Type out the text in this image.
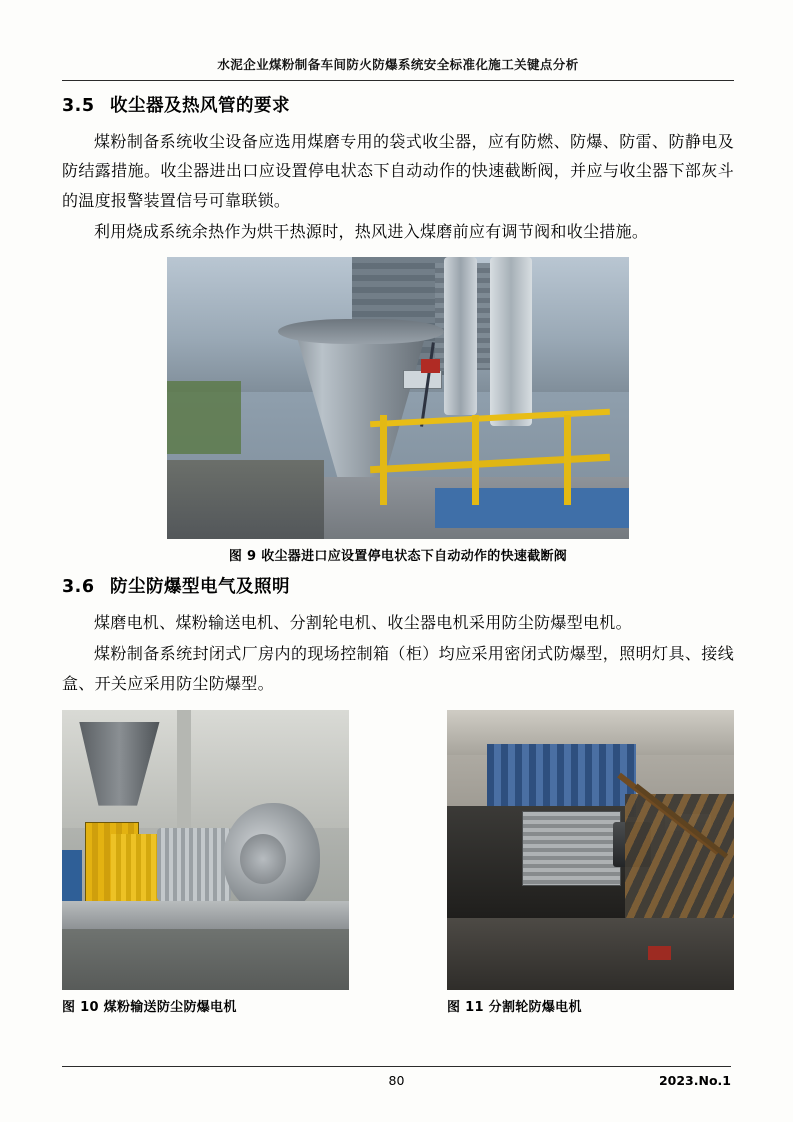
水泥企业煤粉制备车间防火防爆系统安全标准化施工关键点分析
3.5 收尘器及热风管的要求

煤粉制备系统收尘设备应选用煤磨专用的袋式收尘器，应有防燃、防爆、防雷、防静电及防结露措施。收尘器进出口应设置停电状态下自动动作的快速截断阀，并应与收尘器下部灰斗的温度报警装置信号可靠联锁。

利用烧成系统余热作为烘干热源时，热风进入煤磨前应有调节阀和收尘措施。

图 9 收尘器进口应设置停电状态下自动动作的快速截断阀
3.6 防尘防爆型电气及照明

煤磨电机、煤粉输送电机、分割轮电机、收尘器电机采用防尘防爆型电机。

煤粉制备系统封闭式厂房内的现场控制箱（柜）均应采用密闭式防爆型，照明灯具、接线盒、开关应采用防尘防爆型。

图 10 煤粉输送防尘防爆电机	图 11 分割轮防爆电机
80	2023.No.1
